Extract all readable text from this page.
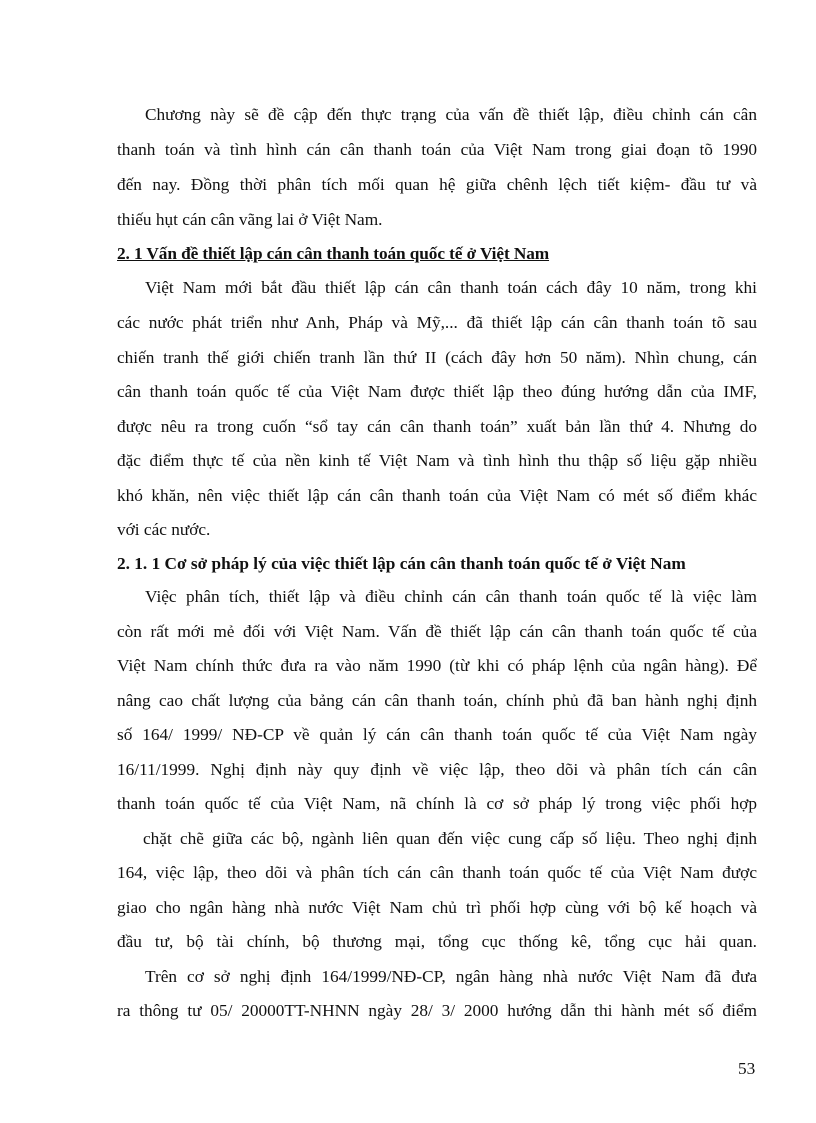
Chương này sẽ đề cập đến thực trạng của vấn đề thiết lập, điều chỉnh cán cân
thanh toán và tình hình cán cân thanh toán của Việt Nam trong giai đoạn tõ 1990
đến nay. Đồng thời phân tích mối quan hệ giữa chênh lệch tiết kiệm- đầu tư và
thiếu hụt cán cân vãng lai ở Việt Nam.
2. 1 Vấn đề thiết lập cán cân thanh toán quốc tế ở Việt Nam
Việt Nam mới bắt đầu thiết lập cán cân thanh toán cách đây 10 năm, trong khi
các nước phát triển như Anh, Pháp và Mỹ,... đã thiết lập cán cân thanh toán tõ sau
chiến tranh thế giới chiến tranh lần thứ II (cách đây hơn 50 năm). Nhìn chung, cán
cân thanh toán quốc tế của Việt Nam được thiết lập theo đúng hướng dẫn của IMF,
được nêu ra trong cuốn “sổ tay cán cân thanh toán” xuất bản lần thứ 4. Nhưng do
đặc điểm thực tế của nền kinh tế Việt Nam và tình hình thu thập số liệu gặp nhiều
khó khăn, nên việc thiết lập cán cân thanh toán của Việt Nam có mét số điểm khác
với các nước.
2. 1. 1 Cơ sở pháp lý của việc thiết lập cán cân thanh toán quốc tế ở Việt Nam
Việc phân tích, thiết lập và điều chỉnh cán cân thanh toán quốc tế là việc làm
còn rất mới mẻ đối với Việt Nam. Vấn đề thiết lập cán cân thanh toán quốc tế của
Việt Nam chính thức đưa ra vào năm 1990 (từ khi có pháp lệnh của ngân hàng). Để
nâng cao chất lượng của bảng cán cân thanh toán, chính phủ đã ban hành nghị định
số 164/ 1999/ NĐ-CP về quản lý cán cân thanh toán quốc tế của Việt Nam ngày
16/11/1999. Nghị định này quy định về việc lập, theo dõi và phân tích cán cân
thanh toán quốc tế của Việt Nam, nã chính là cơ sở pháp lý trong việc phối hợp
chặt chẽ giữa các bộ, ngành liên quan đến việc cung cấp số liệu. Theo nghị định
164, việc lập, theo dõi và phân tích cán cân thanh toán quốc tế của Việt Nam được
giao cho ngân hàng nhà nước Việt Nam chủ trì phối hợp cùng với bộ kế hoạch và
đầu tư, bộ tài chính, bộ thương mại, tổng cục thống kê, tổng cục hải quan.
Trên cơ sở nghị định 164/1999/NĐ-CP, ngân hàng nhà nước Việt Nam đã đưa
ra thông tư 05/ 20000TT-NHNN ngày 28/ 3/ 2000 hướng dẫn thi hành mét số điểm
53
